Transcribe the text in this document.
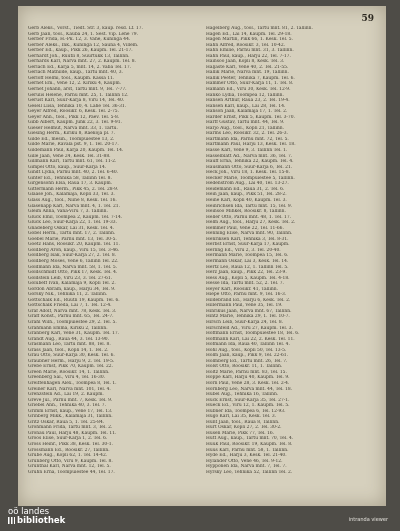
59
Gerb Aleks., Vorst., Tiedt. Str. 3, kaup. resd. Lf. 17.
Gerb Jaan, tööl., Kauba 24, 1. Sest. Vip. Lehe 79.
Gerber Frida, H.-Pk. 12, 3. Vahe, Kuninga 44.
Gerber Aleks., Ink., Kuninga 12, Sauna 4, Villem.
Gerber Ed., kaup., Pikk 26, Kaupm. Tel. 21-17.
Gerhardt Joh., Rüütli 8, Suurtükk 13, Tallinn.
Gerhards Karl, Narva mnt. 27, 2. Kaupm. Tel. 8.
Gerlach Ed., Karja 5, mnt. 14, 2. Vaba Tel. 17.
Gerlach Mathilde, kaup., Tartu mnt. 40, 3.
Gerloff Helmi, tööl., Kaupm. Kassa 11.
Gernet Em., Vene 12, 2. Kiriku 4, Kaupm.
Gernet Johann, arst, Tartu mnt. 9, Tel. 7-77.
Gerulis Helene, Pärnu mnt. 25, 1. Tallinn 12.
Gerust Karl, Suur-Karja 8, Viru 14, Tel. 40.
Gesell Liisa, Tehnika 10, 4. Lahe Tel. 36-31.
Geyer Alfred, Roosikr. 6, Kesk. Tel. 2-75.
Geyer Ann., tööl., Pikk 12, Päev. Tel. 5-8.
Gibb Albert, Kaupm. Juhk 22, 3. Tel. 9-91.
Gieser Helmut, Narva mnt. 33, 1. Tartu.
Giesing Herm., Kiriku 8, Raekoja pl. 7.
Gilde Ed., mesin., Toompuiestee 13, 2.
Gilde Marie, Rävala pst. 9, 1. Tel. 20-17.
Gildemann Paul, Karja 20, Kaupm. Tel. 14.
Gille Jaan, Vene 24, Kesk. Tel. 31-88.
Gillmann Karl, Tartu mnt. 61, Tel. 11-2.
Gimpel Otto, kaup., Suur-Karja 14.
Gindt Lydia, Pärnu mnt. 40, 2. Tel. 6-40.
Ginter Ed., Tehnika 58, Tallinn Tel. 8.
Girgensohn Elsa, Raua 17, 3. Kaupm.
Gittermann Herm., Pikk 45, 2. Tel. 28-9.
Glaase Joh., Kalamaja, Kopli 33, Tel. 3.
Glass Aug., tööl., Niine 8, Kesk. Tel. 16.
Glasenapp Karl, Narva mnt. 4, 1. Tel. 21.
Gleim Anna, Vana-Viru 7, 3. Tallinn.
Glück Emil, Toompea 2, Kaupm. Tel. 7-14.
Glück Leo, Suur-Karja 22, 1. Tel. 19-33.
Gnadeberg Oskar, Lai 31, Kesk. Tel. 4.
Göbel Herm., Tartu mnt. 17, 2. Tallinn.
Goebel Marie, Pärnu mnt. 13, Tel. 30-5.
Goetz Hans, Roosikr. 20, Kaupm. Tel. 11.
Goldberg Aron, kaup., Viru 15, Tel. 3-46.
Goldberg Isak, Suur-Karja 27, 2. Tel. 8.
Goldberg Moses, Vene 6, Tallinn Tel. 22.
Goldmann Ida, Narva mnt. 58, 1. Tel. 5.
Goldschmidt Otto, Pikk 17, Kesk. Tel. 4.
Goldstein Leib, Viru 23, 3. Tel. 27-61.
Golubeff Ivan, Kalamaja 9, Kopli Tel. 2.
Gordon Abram, kaup., Harju 34, Tel. 9.
Gorsky Nik., Tehnika 11, 2. Tallinn.
Gottschalk Ed., Rüütli 19, Kaupm. Tel. 6.
Gottschalk Frieda, Lai 7, 1. Tel. 12-4.
Graf Adolf, Narva mnt. 78, Kesk. Tel. 3.
Graff Konst., Pärnu mnt. 65, Tel. 24-7.
Grahl Wilh., Toompuiestee 29, 2. Tel. 5.
Grahmann Emma, Kiriku 2, Tallinn.
Granberg Karl, Vene 31, Kaupm. Tel. 17.
Grandt Aug., Raua 44, 3. Tel. 13-90.
Grasmann Leo, Tartu mnt. 88, Tel. 8.
Grass Jaan, tööl., Kopli 14, 1. Tel. 2.
Grau Otto, Suur-Karja 30, Kesk. Tel. 6.
Graubner Herm., Harju 9, 2. Tel. 19-5.
Grebe Ernst, Pikk 70, Kaupm. Tel. 22.
Green Marie, Roosikr. 14, 1. Tallinn.
Greenberg Sal., Viru 4, Tel. 16-30.
Greiffenhagen Alex., Toompea 8, Tel. 1.
Greiner Karl, Narva mnt. 101, Tel. 4.
Grenzstein Ad., Lai 19, 2. Kaupm.
Greve Jul., Pärnu mnt. 7, Kesk. Tel. 9.
Griebel Ann., Tehnika 40, 3. Tel. 7.
Grimm Ernst, kaup., Vene 17, Tel. 13.
Grinberg Mikk., Kalamaja 31, Tallinn.
Gritz Oskar, Raua 5, 1. Tel. 25-84.
Grohmann Frida, Tartu mnt. 3, Tel. 2.
Gronau Paul, Harju 48, Kaupm. Tel. 11.
Groos Elise, Suur-Karja 1, 2. Tel. 6.
Gross Heinr., Pikk 38, Kesk. Tel. 30-1.
Grossmann Ed., Roosikr. 27, Tallinn.
Grube Aug., Kopli 62, 1. Tel. 14-42.
Grünberg Otto, Viru 9, Kaupm. Tel. 8.
Grünthal Karl, Narva mnt. 12, Tel. 5.
Gruhn Erna, Toompuiestee 44, Tel. 17.
Hagelberg Aug., tööl., Tartu mnt. 81, 2. Tallinn.
Hagen Ed., Lai 14, Kaupm. Tel. 29-18.
Hagen Martin, Pikk 66, 1. Kesk. Tel. 5.
Hahn Alfred, Roosikr. 3, Tel. 10-42.
Hahn Emilie, Pärnu mnt. 31, 3. Tallinn.
Hahn Paul, kaup., Harju 22, Tel. 7-17.
Hainsoo Jaan, Kopli 8, Kesk. Tel. 3.
Haljaste Karl, Vene 40, 2. Tel. 21-55.
Hallik Marie, Narva mnt. 19, Tallinn.
Hallik Peeter, Tehnika 7, Kaupm. Tel. 6.
Hammer Otto, Suur-Karja 11, 1. Tel. 8.
Hamann Ed., Viru 30, Kesk. Tel. 12-9.
Hanko Lydia, Toompea 12, Tallinn.
Hansen Arthur, Raua 23, 2. Tel. 19-4.
Hansen Karl, kaup., Lai 28, Tel. 14.
Hanson Jaan, Kalamaja 17, 1. Tel. 2.
Harder Ernst, Pikk 5, Kaupm. Tel. 3-70.
Harff Gustav, Tartu mnt. 44, Tel. 9.
Harjo Aug., tööl., Kopli 21, Tallinn.
Harms Leo, Roosikr. 32, 2. Tel. 26-3.
Hartmann Ida, Pärnu mnt. 72, Tel. 5.
Hartmann Paul, Harju 13, Kesk. Tel. 18.
Hasse Karl, Vene 9, 3. Tallinn Tel. 1.
Hasselblatt Ad., Narva mnt. 36, Tel. 7.
Hauff Erna, Tehnika 22, Kaupm. Tel. 4.
Hausmann Otto, Suur-Karja 6, Tel. 21.
Heck Joh., Viru 18, 1. Kesk. Tel. 15-8.
Hecker Marie, Toompuiestee 5, Tallinn.
Hedenström Aug., Lai 40, Tel. 13-27.
Heidemann Ed., Raua 31, 2. Tel. 6.
Hein Jaan, kaup., Pikk 51, Tel. 28-2.
Heine Karl, Kopli 40, Kaupm. Tel. 3.
Heinrichsen Ida, Tartu mnt. 15, Tel. 9.
Heinsoo Mihkel, Roosikr. 8, Tallinn.
Heller Otto, Pärnu mnt. 48, 1. Tel. 17.
Helm Aug., tööl., Harju 27, Kesk. Tel. 2.
Hemmer Paul, Vene 22, Tel. 11-66.
Henning Elise, Narva mnt. 90, Tallinn.
Henriksen Karl, Tehnika 3, Tel. 8-31.
Herbst Ernst, Suur-Karja 17, Kaupm.
Herling Ed., Viru 2, 3. Tel. 20-40.
Hermann Marie, Toompea 15, Tel. 6.
Hermann Oskar, Lai 3, Kesk. Tel. 14.
Hertz Leo, Raua 12, 1. Tallinn Tel. 5.
Herz Jaan, kaup., Pikk 22, Tel. 23-9.
Hess Aug., Kopli 5, Kaupm. Tel. 4-18.
Hesse Ida, Tartu mnt. 52, 2. Tel. 7.
Heyer Karl, Roosikr. 41, Tallinn.
Hiepe Otto, Pärnu mnt. 9, Tel. 16-3.
Hildebrand Ed., Harju 6, Kesk. Tel. 2.
Hillermann Paul, Vene 35, Tel. 19.
Hinrikus Jaan, Narva mnt. 67, Tallinn.
Hintz Marie, Tehnika 29, 1. Tel. 10-7.
Hirsch Leib, Suur-Karja 24, Tel. 8.
Hirschfeld Ad., Viru 27, Kaupm. Tel. 3.
Hoffmann Ernst, Toompuiestee 18, Tel. 6.
Hoffmann Karl, Lai 22, 2. Kesk. Tel. 11.
Hofmann Ida, Raua 40, Tallinn Tel. 4.
Hohl Aug., tööl., Kopli 50, Tel. 13-5.
Holm Jaan, kaup., Pikk 9, Tel. 22-61.
Holmberg Ed., Tartu mnt. 26, Tel. 7.
Holst Otto, Roosikr. 11, 1. Tallinn.
Holtz Marie, Pärnu mnt. 83, Tel. 15.
Hoppe Karl, Harju 40, Kaupm. Tel. 9.
Horn Paul, Vene 28, 3. Kesk. Tel. 2-4.
Hornberg Leo, Narva mnt. 44, Tel. 18.
Hubel Aug., Tehnika 16, Tallinn.
Huck Ernst, Suur-Karja 35, Tel. 27-1.
Hueck Ed., Viru 12, 1. Kaupm. Tel. 5.
Hübner Ida, Toompea 6, Tel. 12-93.
Hugo Karl, Lai 35, Kesk. Tel. 3.
Hunt Jaan, tööl., Raua 8, Tallinn.
Hurt Oskar, Kopli 27, 2. Tel. 30-2.
Husen Marie, Pikk 77, Tel. 16.
Hütt Aug., kaup., Tartu mnt. 70, Tel. 4.
Huuk Paul, Roosikr. 19, Kaupm. Tel. 8.
Hüüs Karl, Pärnu mnt. 58, 1. Tallinn.
Hyde Ed., Harju 3, Kesk. Tel. 21-40.
Hylander Otto, Vene 46, Tel. 9-12.
Hypponen Ida, Narva mnt. 7, Tel. 7.
Hyrsky Leo, Tehnika 52, Tallinn Tel. 2.
oö landes
bibliothek	intranda viewer
